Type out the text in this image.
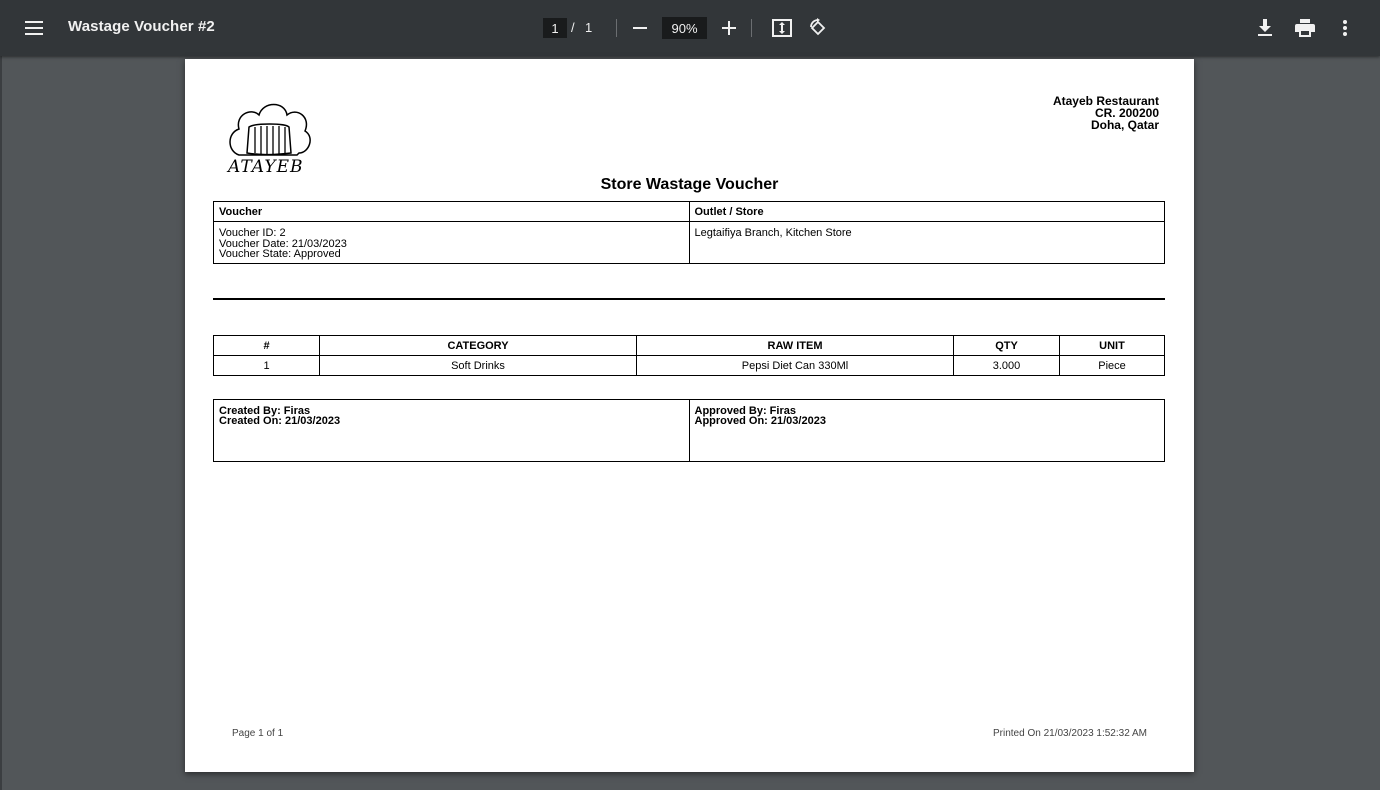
Wastage Voucher #2	1 / 1	90%
ATAYEB
Atayeb Restaurant
CR. 200200
Doha, Qatar
Store Wastage Voucher
Voucher	Outlet / Store

Voucher ID: 2
Voucher Date: 21/03/2023
Voucher State: Approved	Legtaifiya Branch, Kitchen Store
#	CATEGORY	RAW ITEM	QTY	UNIT
1	Soft Drinks	Pepsi Diet Can 330Ml	3.000	Piece
Created By: Firas
Created On: 21/03/2023

Approved By: Firas
Approved On: 21/03/2023
Page 1 of 1	Printed On 21/03/2023 1:52:32 AM
